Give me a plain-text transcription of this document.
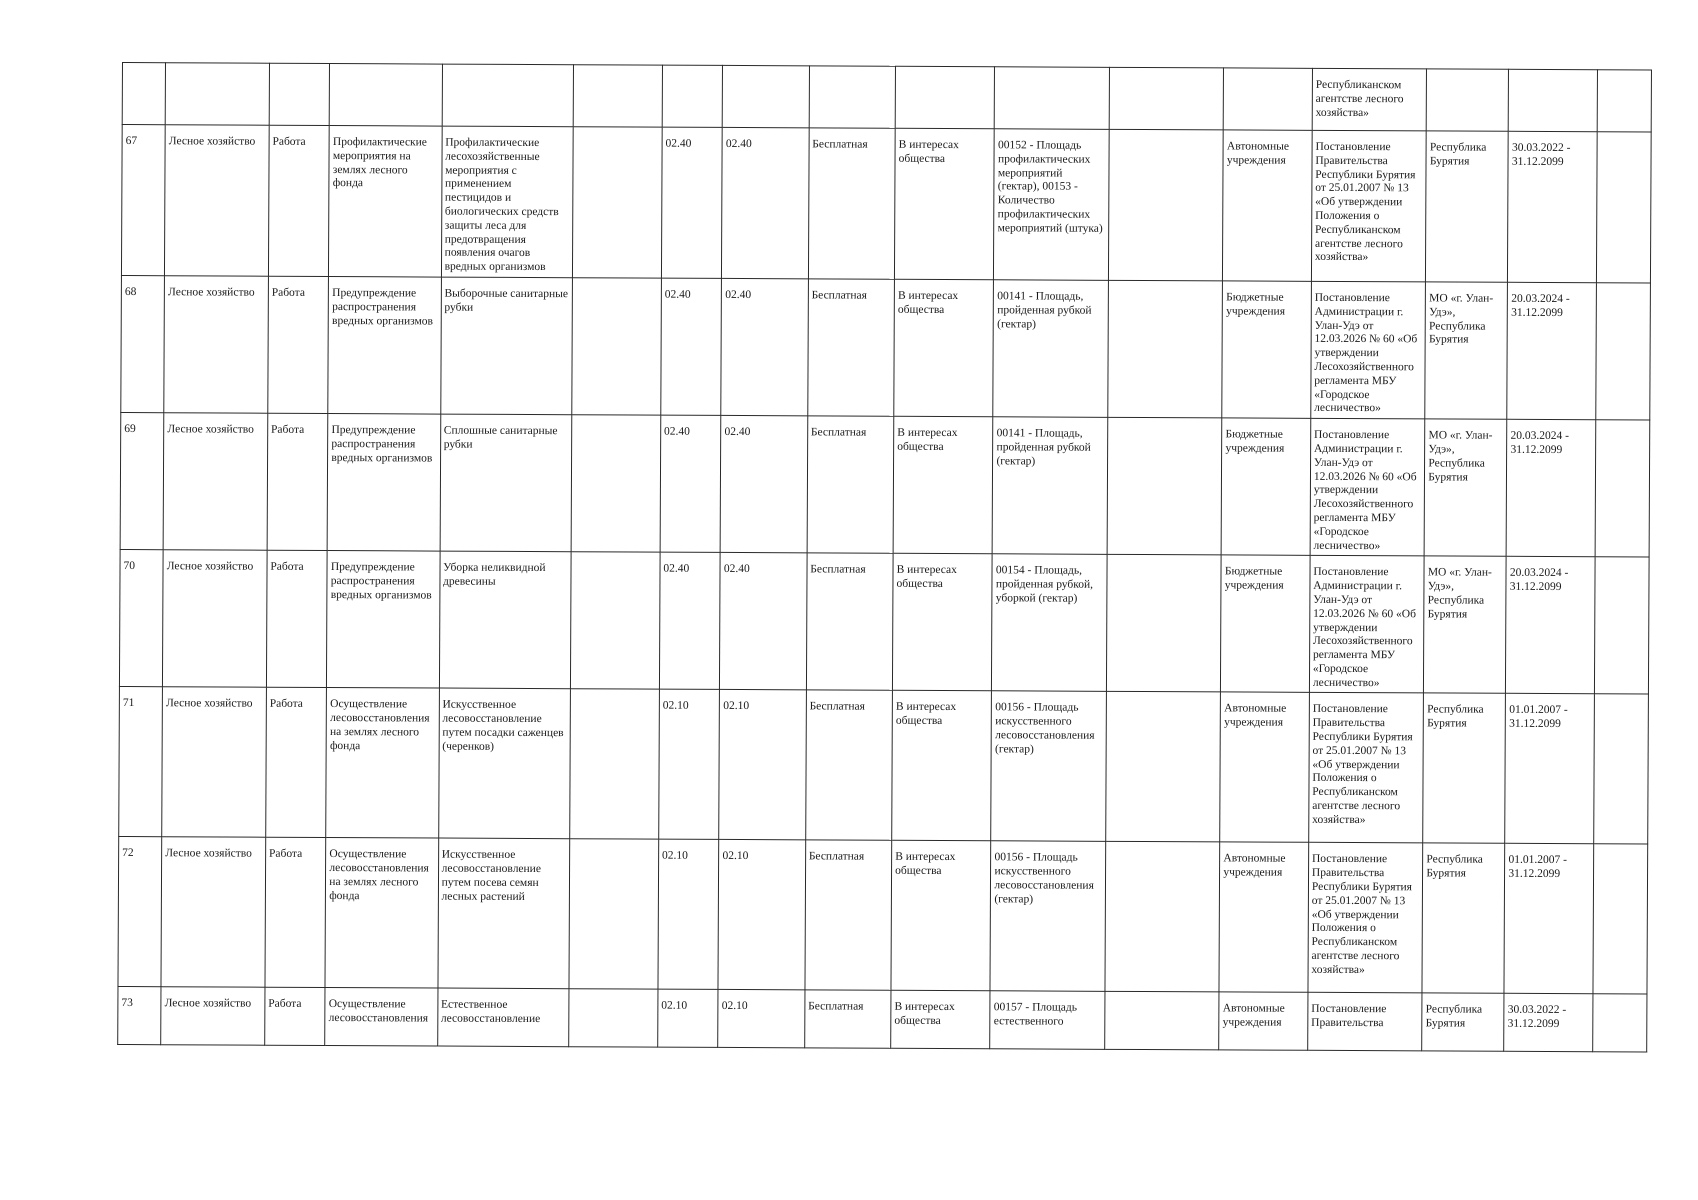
													Республиканском агентстве лесного хозяйства»			
67	Лесное хозяйство	Работа	Профилактические мероприятия на землях лесного фонда	Профилактические лесохозяйственные мероприятия с применением пестицидов и биологических средств защиты леса для предотвращения появления очагов вредных организмов		02.40	02.40	Бесплатная	В интересах общества	00152 - Площадь профилактических мероприятий (гектар), 00153 - Количество профилактических мероприятий (штука)		Автономные учреждения	Постановление Правительства Республики Бурятия от 25.01.2007 № 13 «Об утверждении Положения о Республиканском агентстве лесного хозяйства»	Республика Бурятия	30.03.2022 - 31.12.2099	
68	Лесное хозяйство	Работа	Предупреждение распространения вредных организмов	Выборочные санитарные рубки		02.40	02.40	Бесплатная	В интересах общества	00141 - Площадь, пройденная рубкой (гектар)		Бюджетные учреждения	Постановление Администрации г. Улан-Удэ от 12.03.2026 № 60 «Об утверждении Лесохозяйственного регламента МБУ «Городское лесничество»	МО «г. Улан-Удэ», Республика Бурятия	20.03.2024 - 31.12.2099	
69	Лесное хозяйство	Работа	Предупреждение распространения вредных организмов	Сплошные санитарные рубки		02.40	02.40	Бесплатная	В интересах общества	00141 - Площадь, пройденная рубкой (гектар)		Бюджетные учреждения	Постановление Администрации г. Улан-Удэ от 12.03.2026 № 60 «Об утверждении Лесохозяйственного регламента МБУ «Городское лесничество»	МО «г. Улан-Удэ», Республика Бурятия	20.03.2024 - 31.12.2099	
70	Лесное хозяйство	Работа	Предупреждение распространения вредных организмов	Уборка неликвидной древесины		02.40	02.40	Бесплатная	В интересах общества	00154 - Площадь, пройденная рубкой, уборкой (гектар)		Бюджетные учреждения	Постановление Администрации г. Улан-Удэ от 12.03.2026 № 60 «Об утверждении Лесохозяйственного регламента МБУ «Городское лесничество»	МО «г. Улан-Удэ», Республика Бурятия	20.03.2024 - 31.12.2099	
71	Лесное хозяйство	Работа	Осуществление лесовосстановления на землях лесного фонда	Искусственное лесовосстановление путем посадки саженцев (черенков)		02.10	02.10	Бесплатная	В интересах общества	00156 - Площадь искусственного лесовосстановления (гектар)		Автономные учреждения	Постановление Правительства Республики Бурятия от 25.01.2007 № 13 «Об утверждении Положения о Республиканском агентстве лесного хозяйства»	Республика Бурятия	01.01.2007 - 31.12.2099	
72	Лесное хозяйство	Работа	Осуществление лесовосстановления на землях лесного фонда	Искусственное лесовосстановление путем посева семян лесных растений		02.10	02.10	Бесплатная	В интересах общества	00156 - Площадь искусственного лесовосстановления (гектар)		Автономные учреждения	Постановление Правительства Республики Бурятия от 25.01.2007 № 13 «Об утверждении Положения о Республиканском агентстве лесного хозяйства»	Республика Бурятия	01.01.2007 - 31.12.2099	
73	Лесное хозяйство	Работа	Осуществление лесовосстановления	Естественное лесовосстановление		02.10	02.10	Бесплатная	В интересах общества	00157 - Площадь естественного		Автономные учреждения	Постановление Правительства	Республика Бурятия	30.03.2022 - 31.12.2099	
